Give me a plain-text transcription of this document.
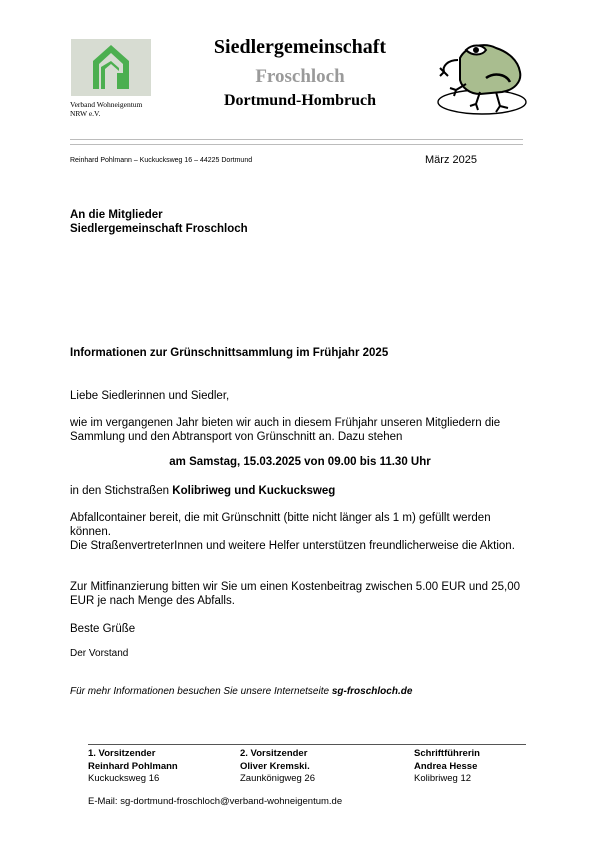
Verband Wohneigentum
NRW e.V.
Siedlergemeinschaft
Froschloch
Dortmund-Hombruch
Reinhard Pohlmann – Kuckucksweg 16 – 44225 Dortmund	März 2025
An die Mitglieder
Siedlergemeinschaft Froschloch
Informationen zur Grünschnittsammlung im Frühjahr 2025
Liebe Siedlerinnen und Siedler,
wie im vergangenen Jahr bieten wir auch in diesem Frühjahr unseren Mitgliedern die Sammlung und den Abtransport von Grünschnitt an. Dazu stehen
am Samstag, 15.03.2025 von 09.00 bis 11.30 Uhr
in den Stichstraßen Kolibriweg und Kuckucksweg
Abfallcontainer bereit, die mit Grünschnitt (bitte nicht länger als 1 m) gefüllt werden können.
Die StraßenvertreterInnen und weitere Helfer unterstützen freundlicherweise die Aktion.
Zur Mitfinanzierung bitten wir Sie um einen Kostenbeitrag zwischen 5.00 EUR und 25,00 EUR je nach Menge des Abfalls.
Beste Grüße
Der Vorstand
Für mehr Informationen besuchen Sie unsere Internetseite sg-froschloch.de
1. Vorsitzender
Reinhard Pohlmann
Kuckucksweg 16
2. Vorsitzender
Oliver Kremski.
Zaunkönigweg 26
Schriftführerin
Andrea Hesse
Kolibriweg 12
E-Mail: sg-dortmund-froschloch@verband-wohneigentum.de
